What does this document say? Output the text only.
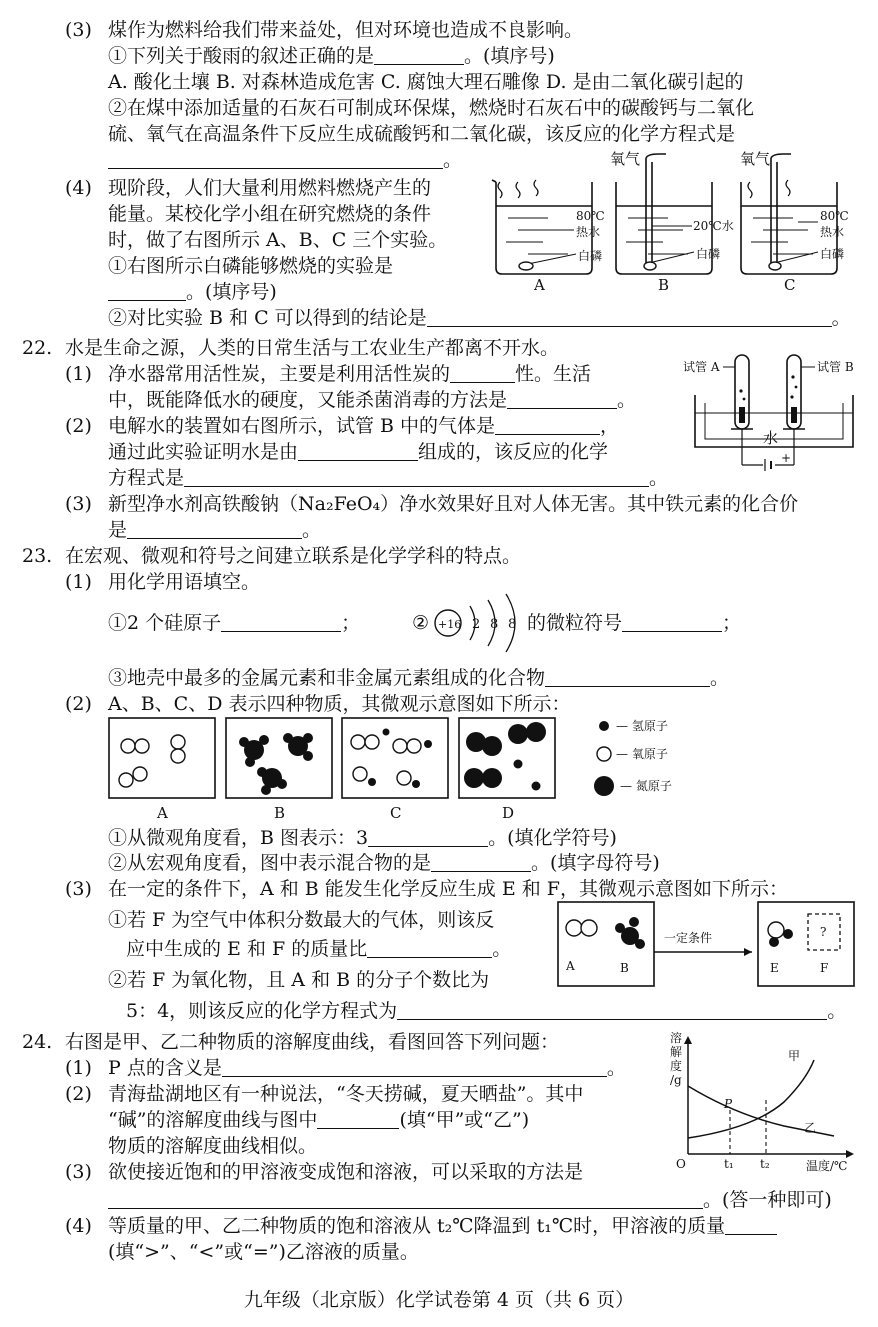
(3) 煤作为燃料给我们带来益处，但对环境也造成不良影响。
①下列关于酸雨的叙述正确的是	。(填序号)
A. 酸化土壤 B. 对森林造成危害 C. 腐蚀大理石雕像 D. 是由二氧化碳引起的
②在煤中添加适量的石灰石可制成环保煤，燃烧时石灰石中的碳酸钙与二氧化
硫、氧气在高温条件下反应生成硫酸钙和二氧化碳，该反应的化学方程式是
。
(4) 现阶段，人们大量利用燃料燃烧产生的
能量。某校化学小组在研究燃烧的条件
时，做了右图所示 A、B、C 三个实验。
①右图所示白磷能够燃烧的实验是
。(填序号)
②对比实验 B 和 C 可以得到的结论是	。
氧气	氧气
80℃
热水	20℃水
80℃
热水
白磷	白磷	白磷
A	B	C
22. 水是生命之源，人类的日常生活与工农业生产都离不开水。
(1) 净水器常用活性炭，主要是利用活性炭的	性。生活
中，既能降低水的硬度，又能杀菌消毒的方法是	。
(2) 电解水的装置如右图所示，试管 B 中的气体是	，
通过此实验证明水是由	组成的，该反应的化学
方程式是	。
(3) 新型净水剂高铁酸钠（Na₂FeO₄）净水效果好且对人体无害。其中铁元素的化合价
是	。
+
试管 A	试管 B
水
23. 在宏观、微观和符号之间建立联系是化学学科的特点。
(1) 用化学用语填空。
①2 个硅原子	；	② +16 2 8 8 的微粒符号	；
③地壳中最多的金属元素和非金属元素组成的化合物	。
(2) A、B、C、D 表示四种物质，其微观示意图如下所示：
A	B	C	D
— 氢原子
— 氧原子
— 氮原子
①从微观角度看，B 图表示：3	。(填化学符号)
②从宏观角度看，图中表示混合物的是	。(填字母符号)
(3) 在一定的条件下，A 和 B 能发生化学反应生成 E 和 F，其微观示意图如下所示：
①若 F 为空气中体积分数最大的气体，则该反
应中生成的 E 和 F 的质量比	。
②若 F 为氧化物，且 A 和 B 的分子个数比为
5：4，则该反应的化学方程式为	。
A	B
一定条件	?
E	F
24. 右图是甲、乙二种物质的溶解度曲线，看图回答下列问题：
(1) P 点的含义是	。
(2) 青海盐湖地区有一种说法，“冬天捞碱，夏天晒盐”。其中
“碱”的溶解度曲线与图中	(填“甲”或“乙”)
物质的溶解度曲线相似。
(3) 欲使接近饱和的甲溶液变成饱和溶液，可以采取的方法是
。(答一种即可)
(4) 等质量的甲、乙二种物质的饱和溶液从 t₂℃降温到 t₁℃时，甲溶液的质量
(填“>”、“<”或“=”)乙溶液的质量。
溶
解
度
/g
O	t₁ t₂	温度/℃
P
甲
乙
九年级（北京版）化学试卷第 4 页（共 6 页）
